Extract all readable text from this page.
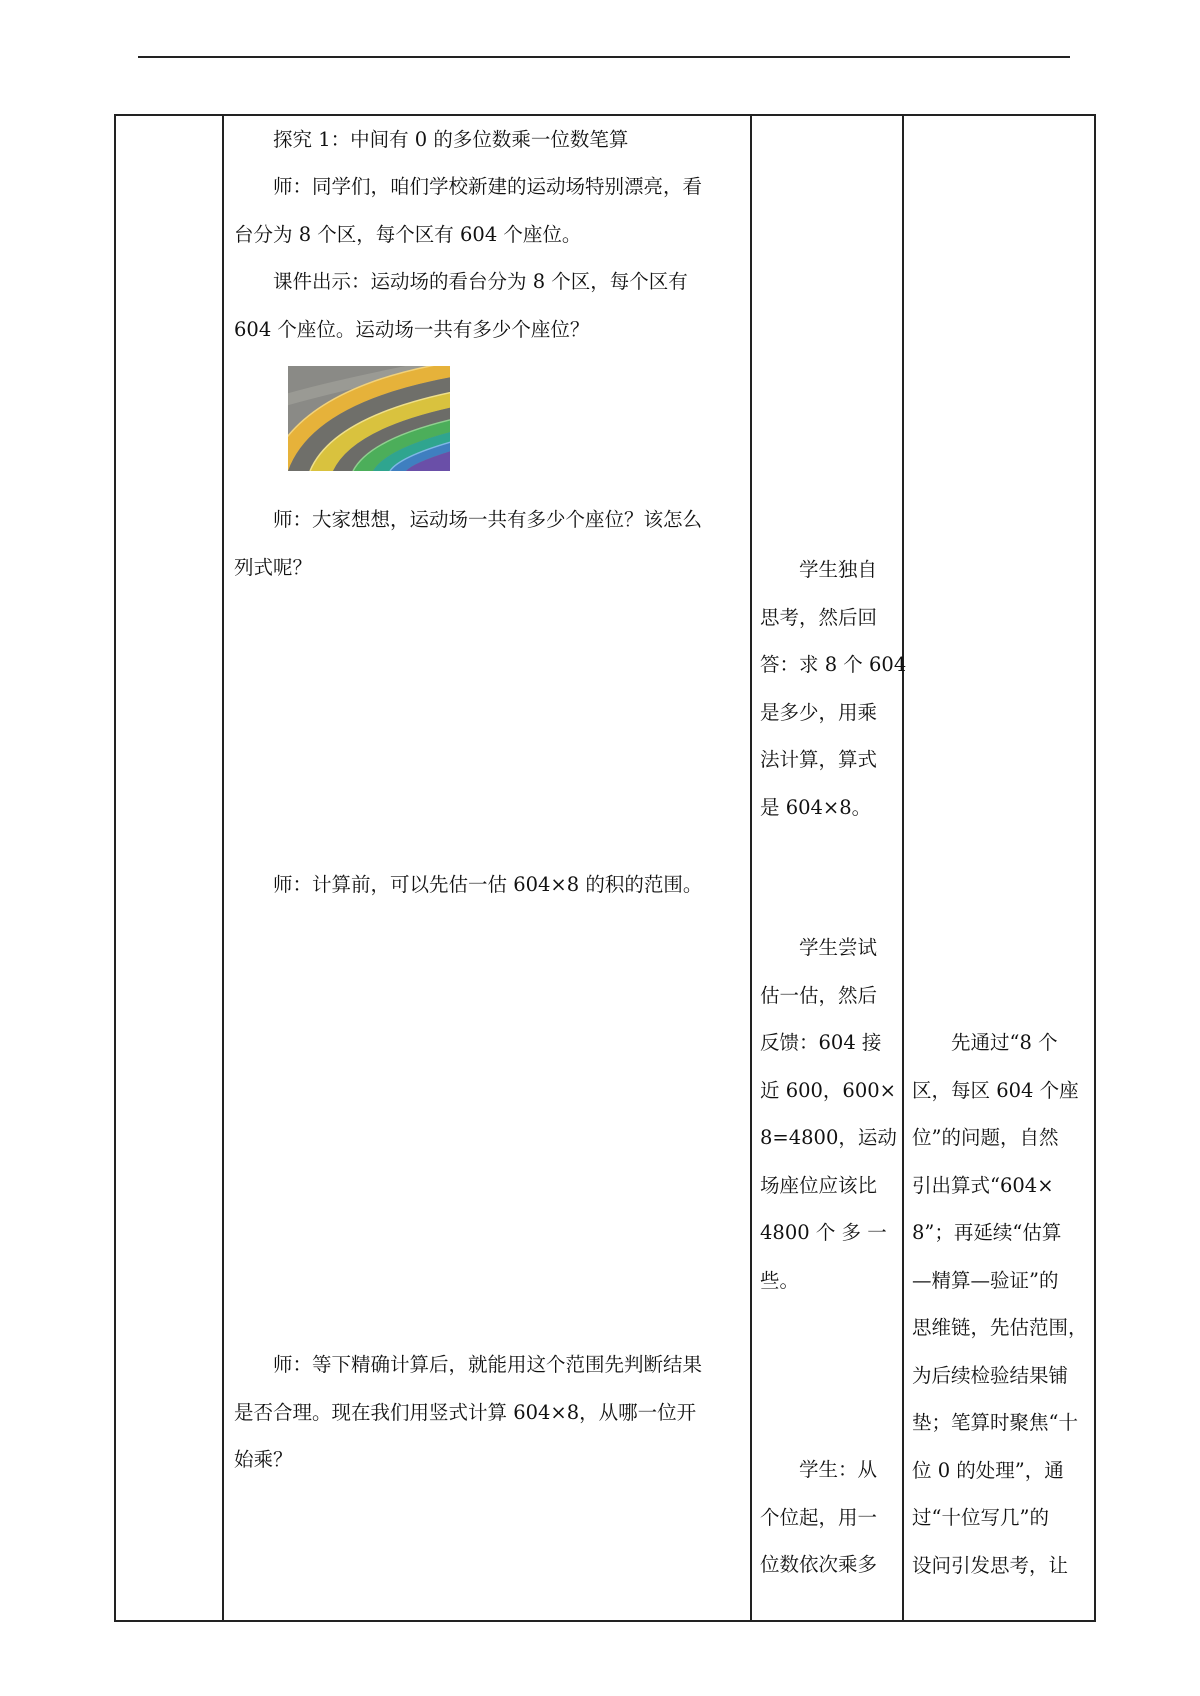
　　探究 1：中间有 0 的多位数乘一位数笔算
　　师：同学们，咱们学校新建的运动场特别漂亮，看
台分为 8 个区，每个区有 604 个座位。
　　课件出示：运动场的看台分为 8 个区，每个区有
604 个座位。运动场一共有多少个座位？
　　师：大家想想，运动场一共有多少个座位？该怎么
列式呢？
　　师：计算前，可以先估一估 604×8 的积的范围。
　　师：等下精确计算后，就能用这个范围先判断结果
是否合理。现在我们用竖式计算 604×8，从哪一位开
始乘？
　　学生独自
思考，然后回
答：求 8 个 604
是多少，用乘
法计算，算式
是 604×8。
　　学生尝试
估一估，然后
反馈：604 接
近 600，600×
8=4800，运动
场座位应该比
4800 个 多 一
些。
　　学生：从
个位起，用一
位数依次乘多
　　先通过“8 个
区，每区 604 个座
位”的问题，自然
引出算式“604×
8”；再延续“估算
—精算—验证”的
思维链，先估范围，
为后续检验结果铺
垫；笔算时聚焦“十
位 0 的处理”，通
过“十位写几”的
设问引发思考，让
